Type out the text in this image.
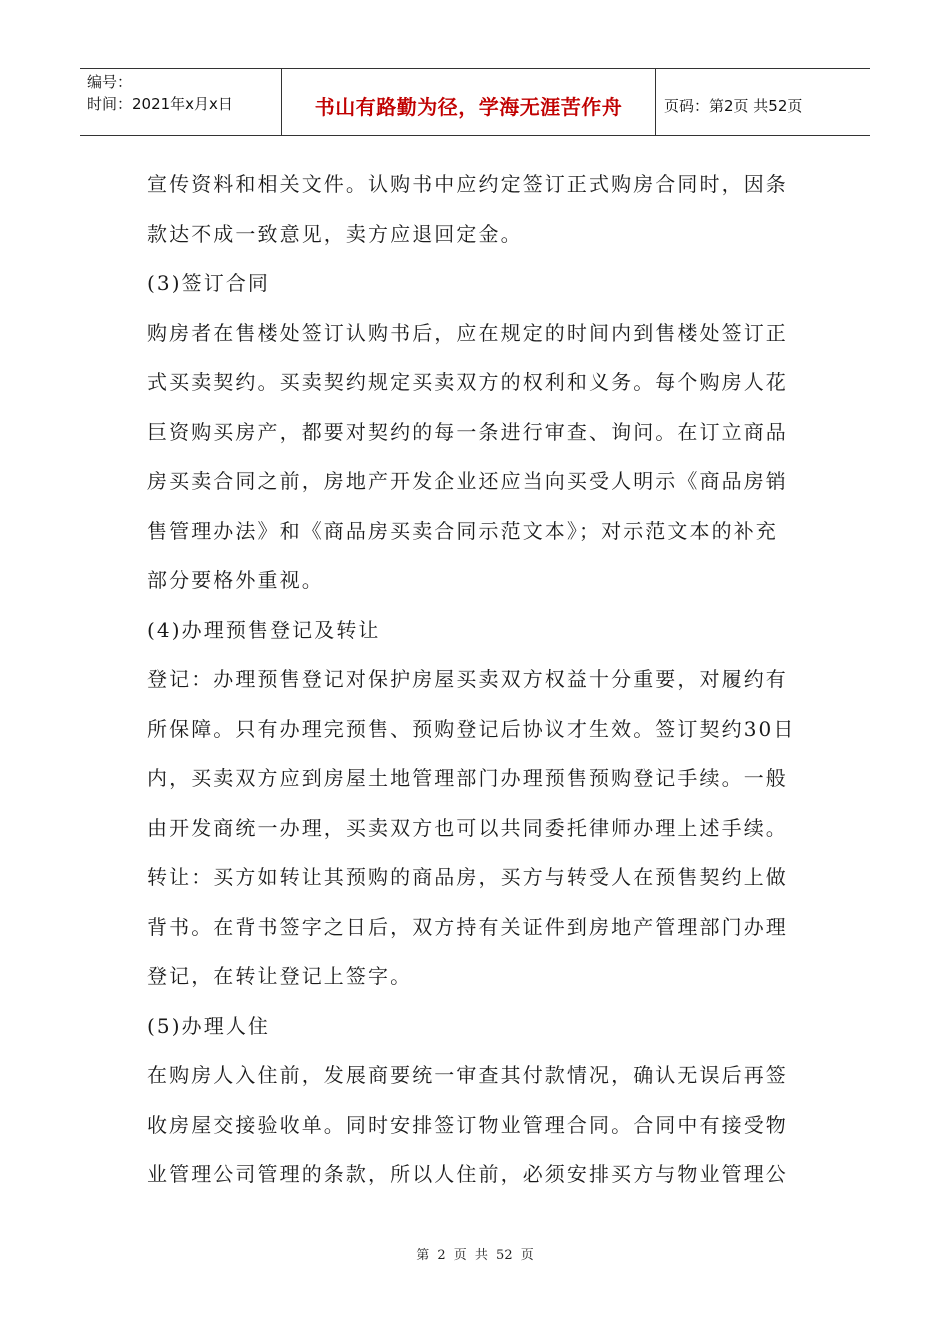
编号：
时间：2021年x月x日	书山有路勤为径，学海无涯苦作舟	页码：第2页 共52页
宣传资料和相关文件。认购书中应约定签订正式购房合同时，因条
款达不成一致意见，卖方应退回定金。
(3)签订合同
购房者在售楼处签订认购书后，应在规定的时间内到售楼处签订正
式买卖契约。买卖契约规定买卖双方的权利和义务。每个购房人花
巨资购买房产，都要对契约的每一条进行审查、询问。在订立商品
房买卖合同之前，房地产开发企业还应当向买受人明示《商品房销
售管理办法》和《商品房买卖合同示范文本》；对示范文本的补充
部分要格外重视。
(4)办理预售登记及转让
登记：办理预售登记对保护房屋买卖双方权益十分重要，对履约有
所保障。只有办理完预售、预购登记后协议才生效。签订契约30日
内，买卖双方应到房屋土地管理部门办理预售预购登记手续。一般
由开发商统一办理，买卖双方也可以共同委托律师办理上述手续。
转让：买方如转让其预购的商品房，买方与转受人在预售契约上做
背书。在背书签字之日后，双方持有关证件到房地产管理部门办理
登记，在转让登记上签字。
(5)办理人住
在购房人入住前，发展商要统一审查其付款情况，确认无误后再签
收房屋交接验收单。同时安排签订物业管理合同。合同中有接受物
业管理公司管理的条款，所以人住前，必须安排买方与物业管理公
第 2 页 共 52 页
